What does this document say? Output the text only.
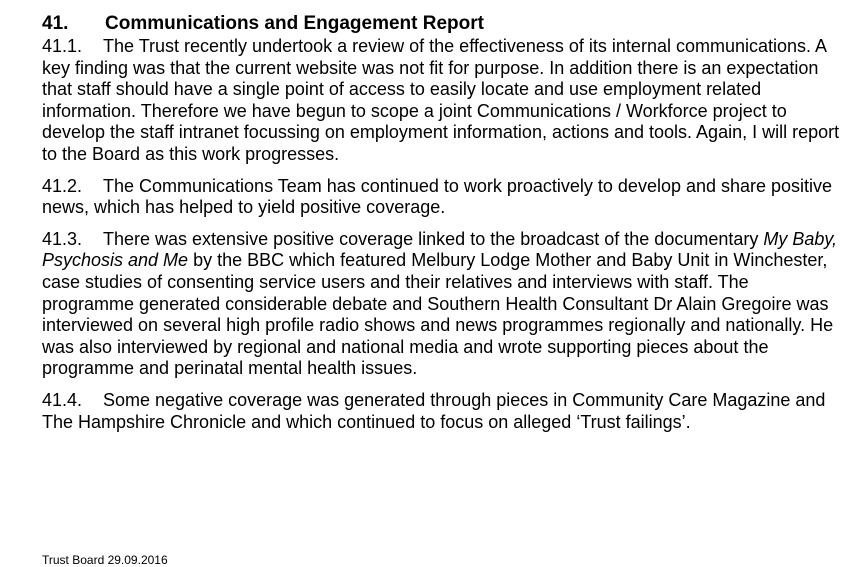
41.	Communications and Engagement Report

41.1. The Trust recently undertook a review of the effectiveness of its internal communications. A key finding was that the current website was not fit for purpose. In addition there is an expectation that staff should have a single point of access to easily locate and use employment related information. Therefore we have begun to scope a joint Communications / Workforce project to develop the staff intranet focussing on employment information, actions and tools. Again, I will report to the Board as this work progresses.

41.2. The Communications Team has continued to work proactively to develop and share positive news, which has helped to yield positive coverage.

41.3. There was extensive positive coverage linked to the broadcast of the documentary My Baby, Psychosis and Me by the BBC which featured Melbury Lodge Mother and Baby Unit in Winchester, case studies of consenting service users and their relatives and interviews with staff. The programme generated considerable debate and Southern Health Consultant Dr Alain Gregoire was interviewed on several high profile radio shows and news programmes regionally and nationally. He was also interviewed by regional and national media and wrote supporting pieces about the programme and perinatal mental health issues.

41.4. Some negative coverage was generated through pieces in Community Care Magazine and The Hampshire Chronicle and which continued to focus on alleged ‘Trust failings’.

Trust Board 29.09.2016
